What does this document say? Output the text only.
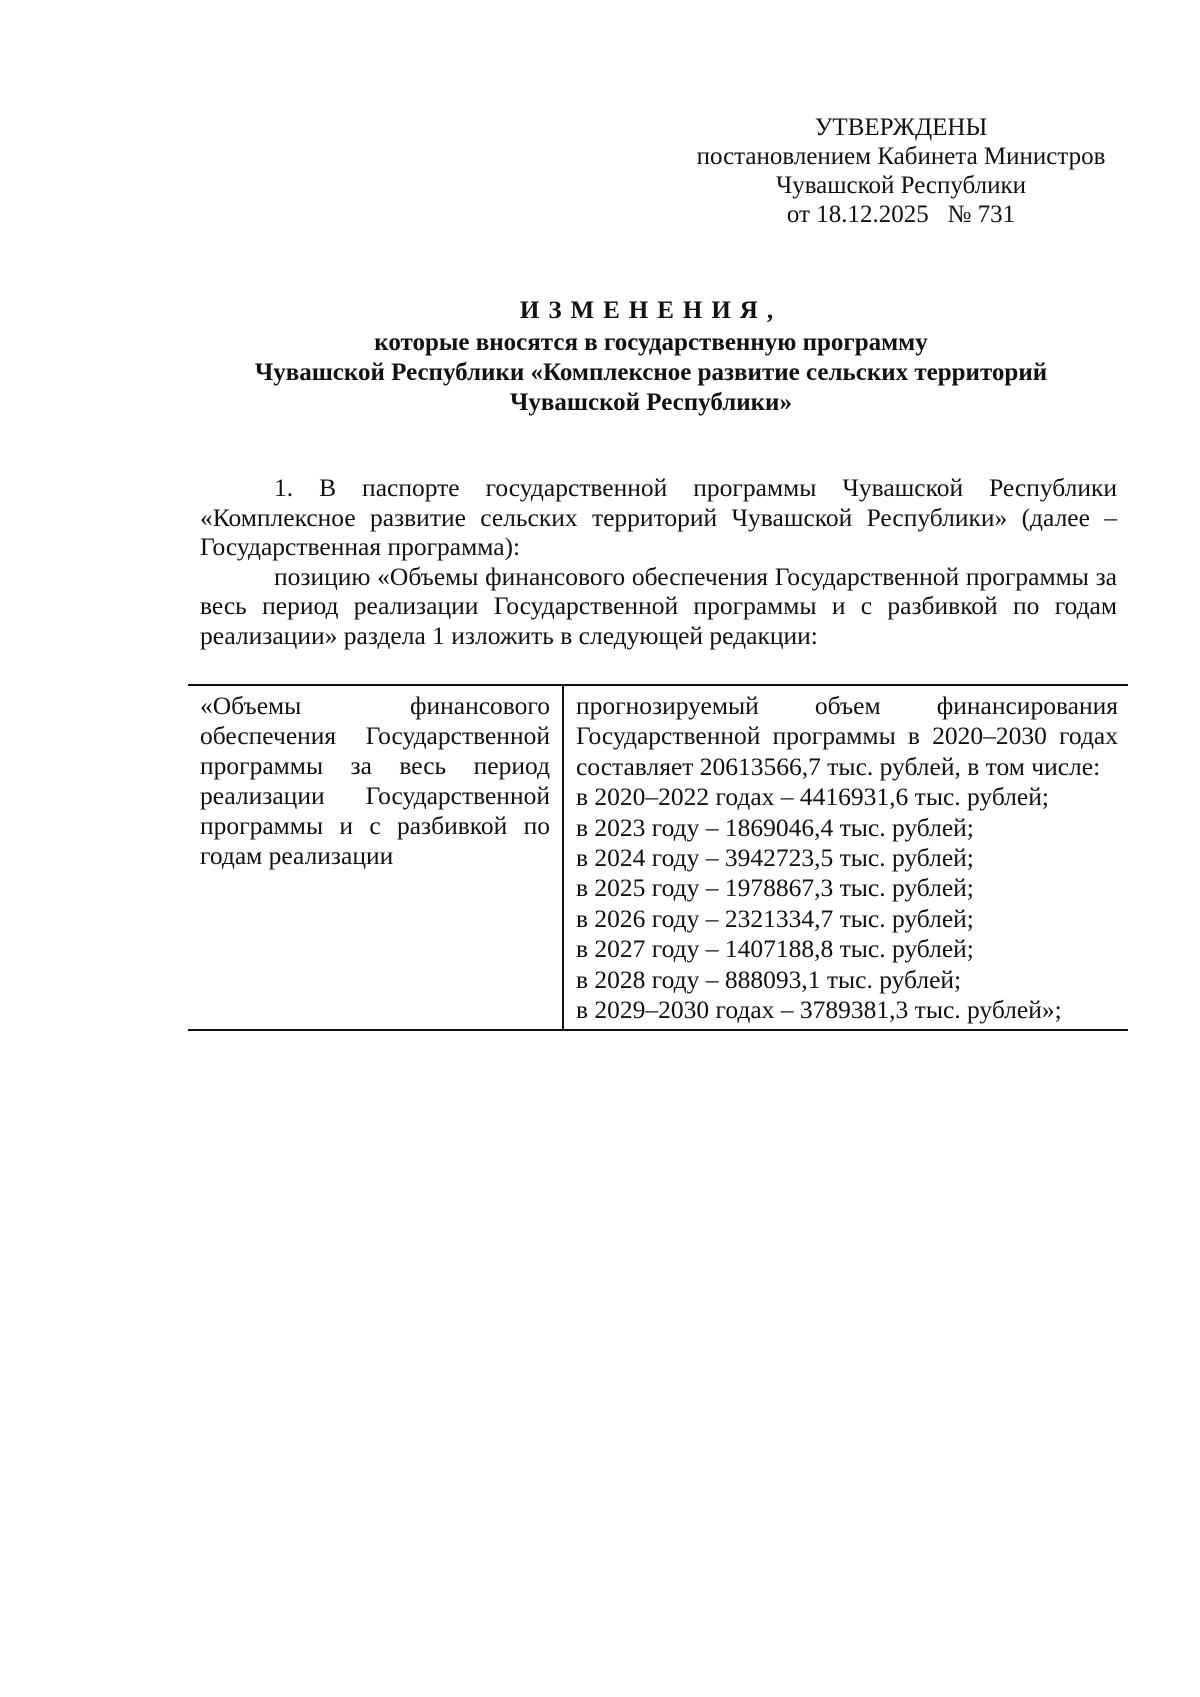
УТВЕРЖДЕНЫ
постановлением Кабинета Министров
Чувашской Республики
от 18.12.2025   № 731
ИЗМЕНЕНИЯ,
которые вносятся в государственную программу
Чувашской Республики «Комплексное развитие сельских территорий
Чувашской Республики»

1. В паспорте государственной программы Чувашской Республики «Комплексное развитие сельских территорий Чувашской Республики» (далее – Государственная программа):

позицию «Объемы финансового обеспечения Государственной программы за весь период реализации Государственной программы и с разбивкой по годам реализации» раздела 1 изложить в следующей редакции:

«Объемы финансового обеспечения Государственной программы за весь период реализации Государственной программы и с разбивкой по годам реализации
прогнозируемый объем финансирования Государственной программы в 2020–2030 годах составляет 20613566,7 тыс. рублей, в том числе:
в 2020–2022 годах – 4416931,6 тыс. рублей;
в 2023 году – 1869046,4 тыс. рублей;
в 2024 году – 3942723,5 тыс. рублей;
в 2025 году – 1978867,3 тыс. рублей;
в 2026 году – 2321334,7 тыс. рублей;
в 2027 году – 1407188,8 тыс. рублей;
в 2028 году – 888093,1 тыс. рублей;
в 2029–2030 годах – 3789381,3 тыс. рублей»;
